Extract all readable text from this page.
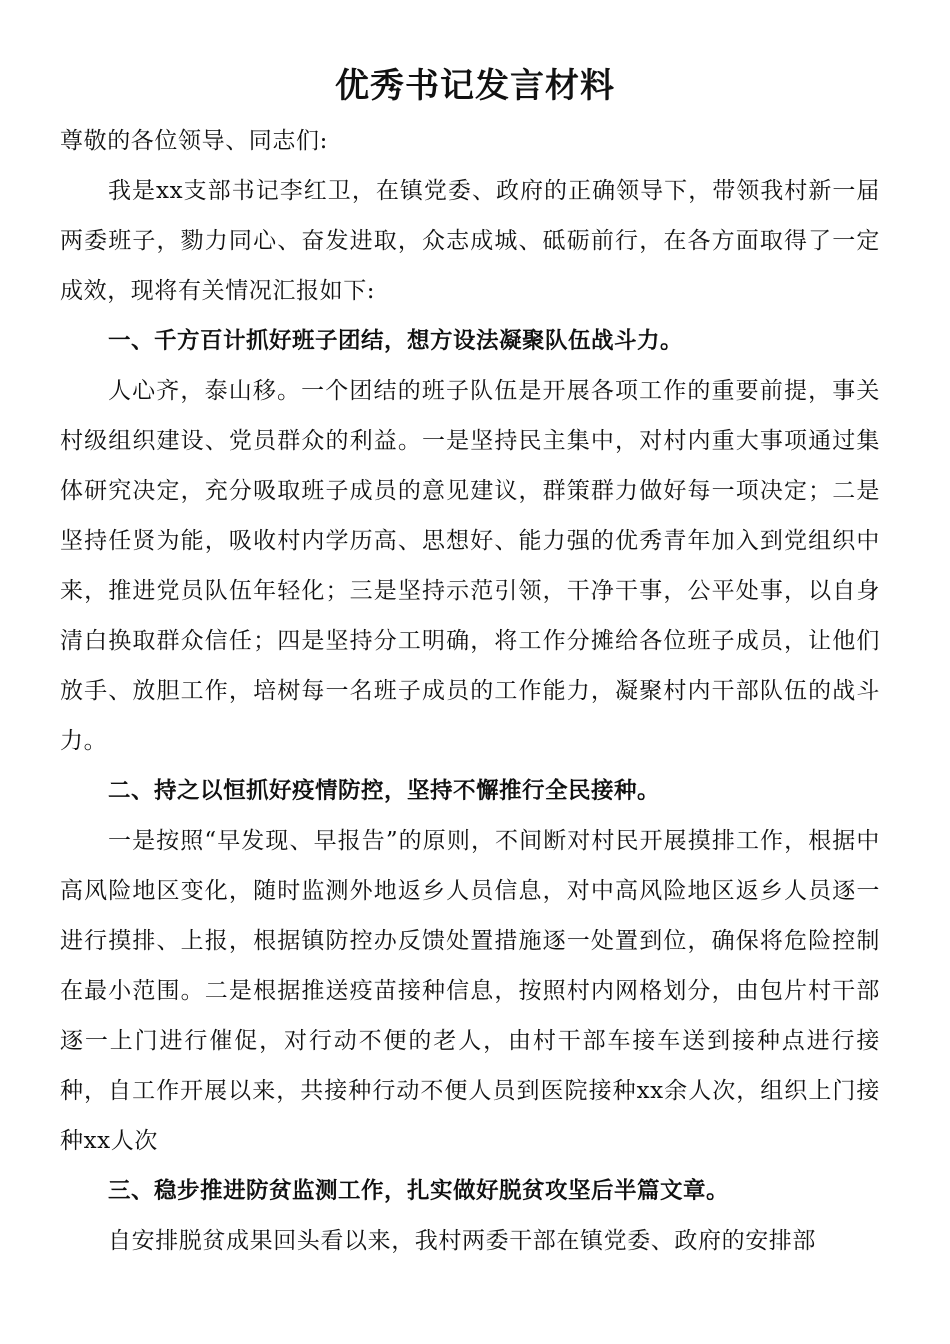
优秀书记发言材料

尊敬的各位领导、同志们:

我是xx支部书记李红卫，在镇党委、政府的正确领导下，带领我村新一届两委班子，勠力同心、奋发进取，众志成城、砥砺前行，在各方面取得了一定成效，现将有关情况汇报如下:

一、千方百计抓好班子团结，想方设法凝聚队伍战斗力。

人心齐，泰山移。一个团结的班子队伍是开展各项工作的重要前提，事关村级组织建设、党员群众的利益。一是坚持民主集中，对村内重大事项通过集体研究决定，充分吸取班子成员的意见建议，群策群力做好每一项决定；二是坚持任贤为能，吸收村内学历高、思想好、能力强的优秀青年加入到党组织中来，推进党员队伍年轻化；三是坚持示范引领，干净干事，公平处事，以自身清白换取群众信任；四是坚持分工明确，将工作分摊给各位班子成员，让他们放手、放胆工作，培树每一名班子成员的工作能力，凝聚村内干部队伍的战斗力。

二、持之以恒抓好疫情防控，坚持不懈推行全民接种。

一是按照“早发现、早报告”的原则，不间断对村民开展摸排工作，根据中高风险地区变化，随时监测外地返乡人员信息，对中高风险地区返乡人员逐一进行摸排、上报，根据镇防控办反馈处置措施逐一处置到位，确保将危险控制在最小范围。二是根据推送疫苗接种信息，按照村内网格划分，由包片村干部逐一上门进行催促，对行动不便的老人，由村干部车接车送到接种点进行接种，自工作开展以来，共接种行动不便人员到医院接种xx余人次，组织上门接种xx人次

三、稳步推进防贫监测工作，扎实做好脱贫攻坚后半篇文章。

自安排脱贫成果回头看以来，我村两委干部在镇党委、政府的安排部
